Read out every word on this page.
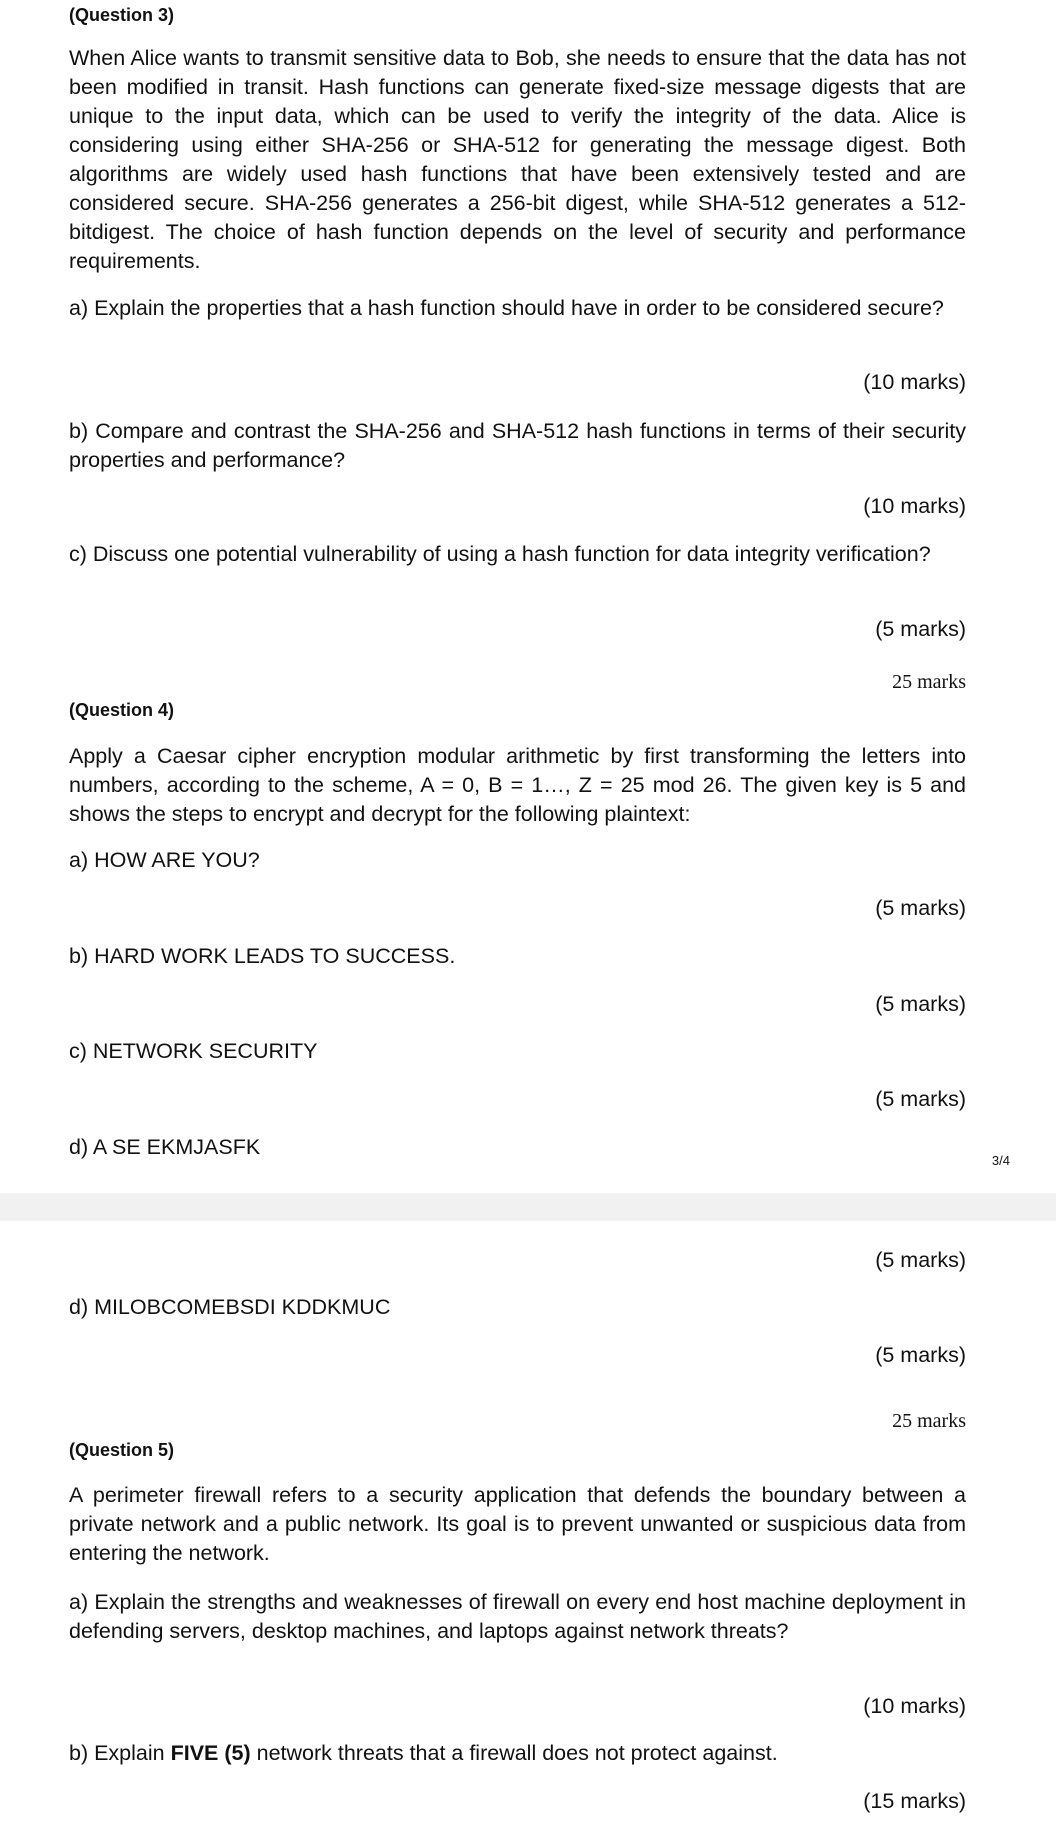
(Question 3)
When Alice wants to transmit sensitive data to Bob, she needs to ensure that the data has not been modified in transit. Hash functions can generate fixed-size message digests that are unique to the input data, which can be used to verify the integrity of the data. Alice is considering using either SHA-256 or SHA-512 for generating the message digest. Both algorithms are widely used hash functions that have been extensively tested and are considered secure. SHA-256 generates a 256-bit digest, while SHA-512 generates a 512-bitdigest. The choice of hash function depends on the level of security and performance requirements.
a) Explain the properties that a hash function should have in order to be considered secure?
(10 marks)
b) Compare and contrast the SHA-256 and SHA-512 hash functions in terms of their security properties and performance?
(10 marks)
c) Discuss one potential vulnerability of using a hash function for data integrity verification?
(5 marks)
25 marks
(Question 4)
Apply a Caesar cipher encryption modular arithmetic by first transforming the letters into numbers, according to the scheme, A = 0, B = 1…, Z = 25 mod 26. The given key is 5 and shows the steps to encrypt and decrypt for the following plaintext:
a) HOW ARE YOU?
(5 marks)
b) HARD WORK LEADS TO SUCCESS.
(5 marks)
c) NETWORK SECURITY
(5 marks)
d) A SE EKMJASFK
3/4
(5 marks)
d) MILOBCOMEBSDI KDDKMUC
(5 marks)
25 marks
(Question 5)
A perimeter firewall refers to a security application that defends the boundary between a private network and a public network. Its goal is to prevent unwanted or suspicious data from entering the network.
a) Explain the strengths and weaknesses of firewall on every end host machine deployment in defending servers, desktop machines, and laptops against network threats?
(10 marks)
b) Explain FIVE (5) network threats that a firewall does not protect against.
(15 marks)
